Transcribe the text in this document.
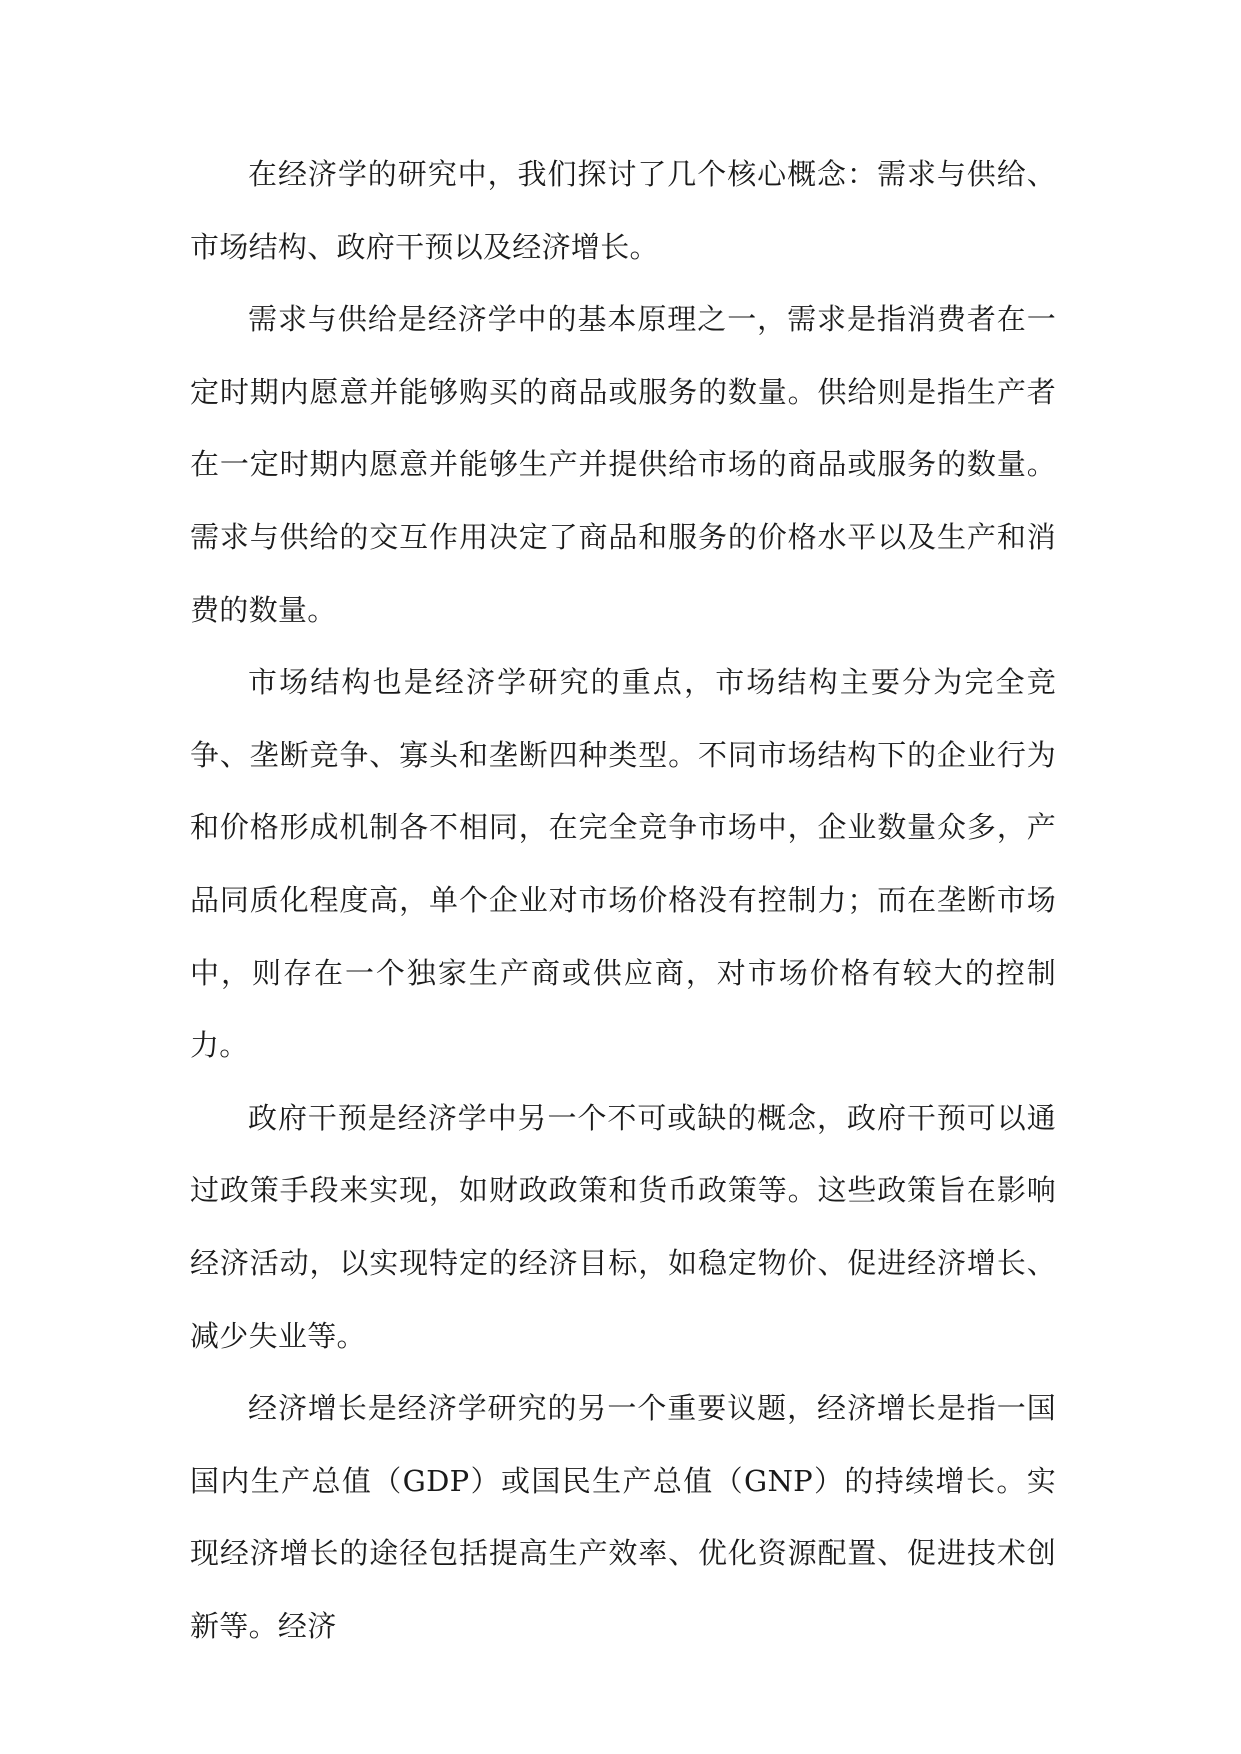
在经济学的研究中，我们探讨了几个核心概念：需求与供给、市场结构、政府干预以及经济增长。

需求与供给是经济学中的基本原理之一，需求是指消费者在一定时期内愿意并能够购买的商品或服务的数量。供给则是指生产者在一定时期内愿意并能够生产并提供给市场的商品或服务的数量。需求与供给的交互作用决定了商品和服务的价格水平以及生产和消费的数量。

市场结构也是经济学研究的重点，市场结构主要分为完全竞争、垄断竞争、寡头和垄断四种类型。不同市场结构下的企业行为和价格形成机制各不相同，在完全竞争市场中，企业数量众多，产品同质化程度高，单个企业对市场价格没有控制力；而在垄断市场中，则存在一个独家生产商或供应商，对市场价格有较大的控制力。

政府干预是经济学中另一个不可或缺的概念，政府干预可以通过政策手段来实现，如财政政策和货币政策等。这些政策旨在影响经济活动，以实现特定的经济目标，如稳定物价、促进经济增长、减少失业等。

经济增长是经济学研究的另一个重要议题，经济增长是指一国国内生产总值（GDP）或国民生产总值（GNP）的持续增长。实现经济增长的途径包括提高生产效率、优化资源配置、促进技术创新等。经济
